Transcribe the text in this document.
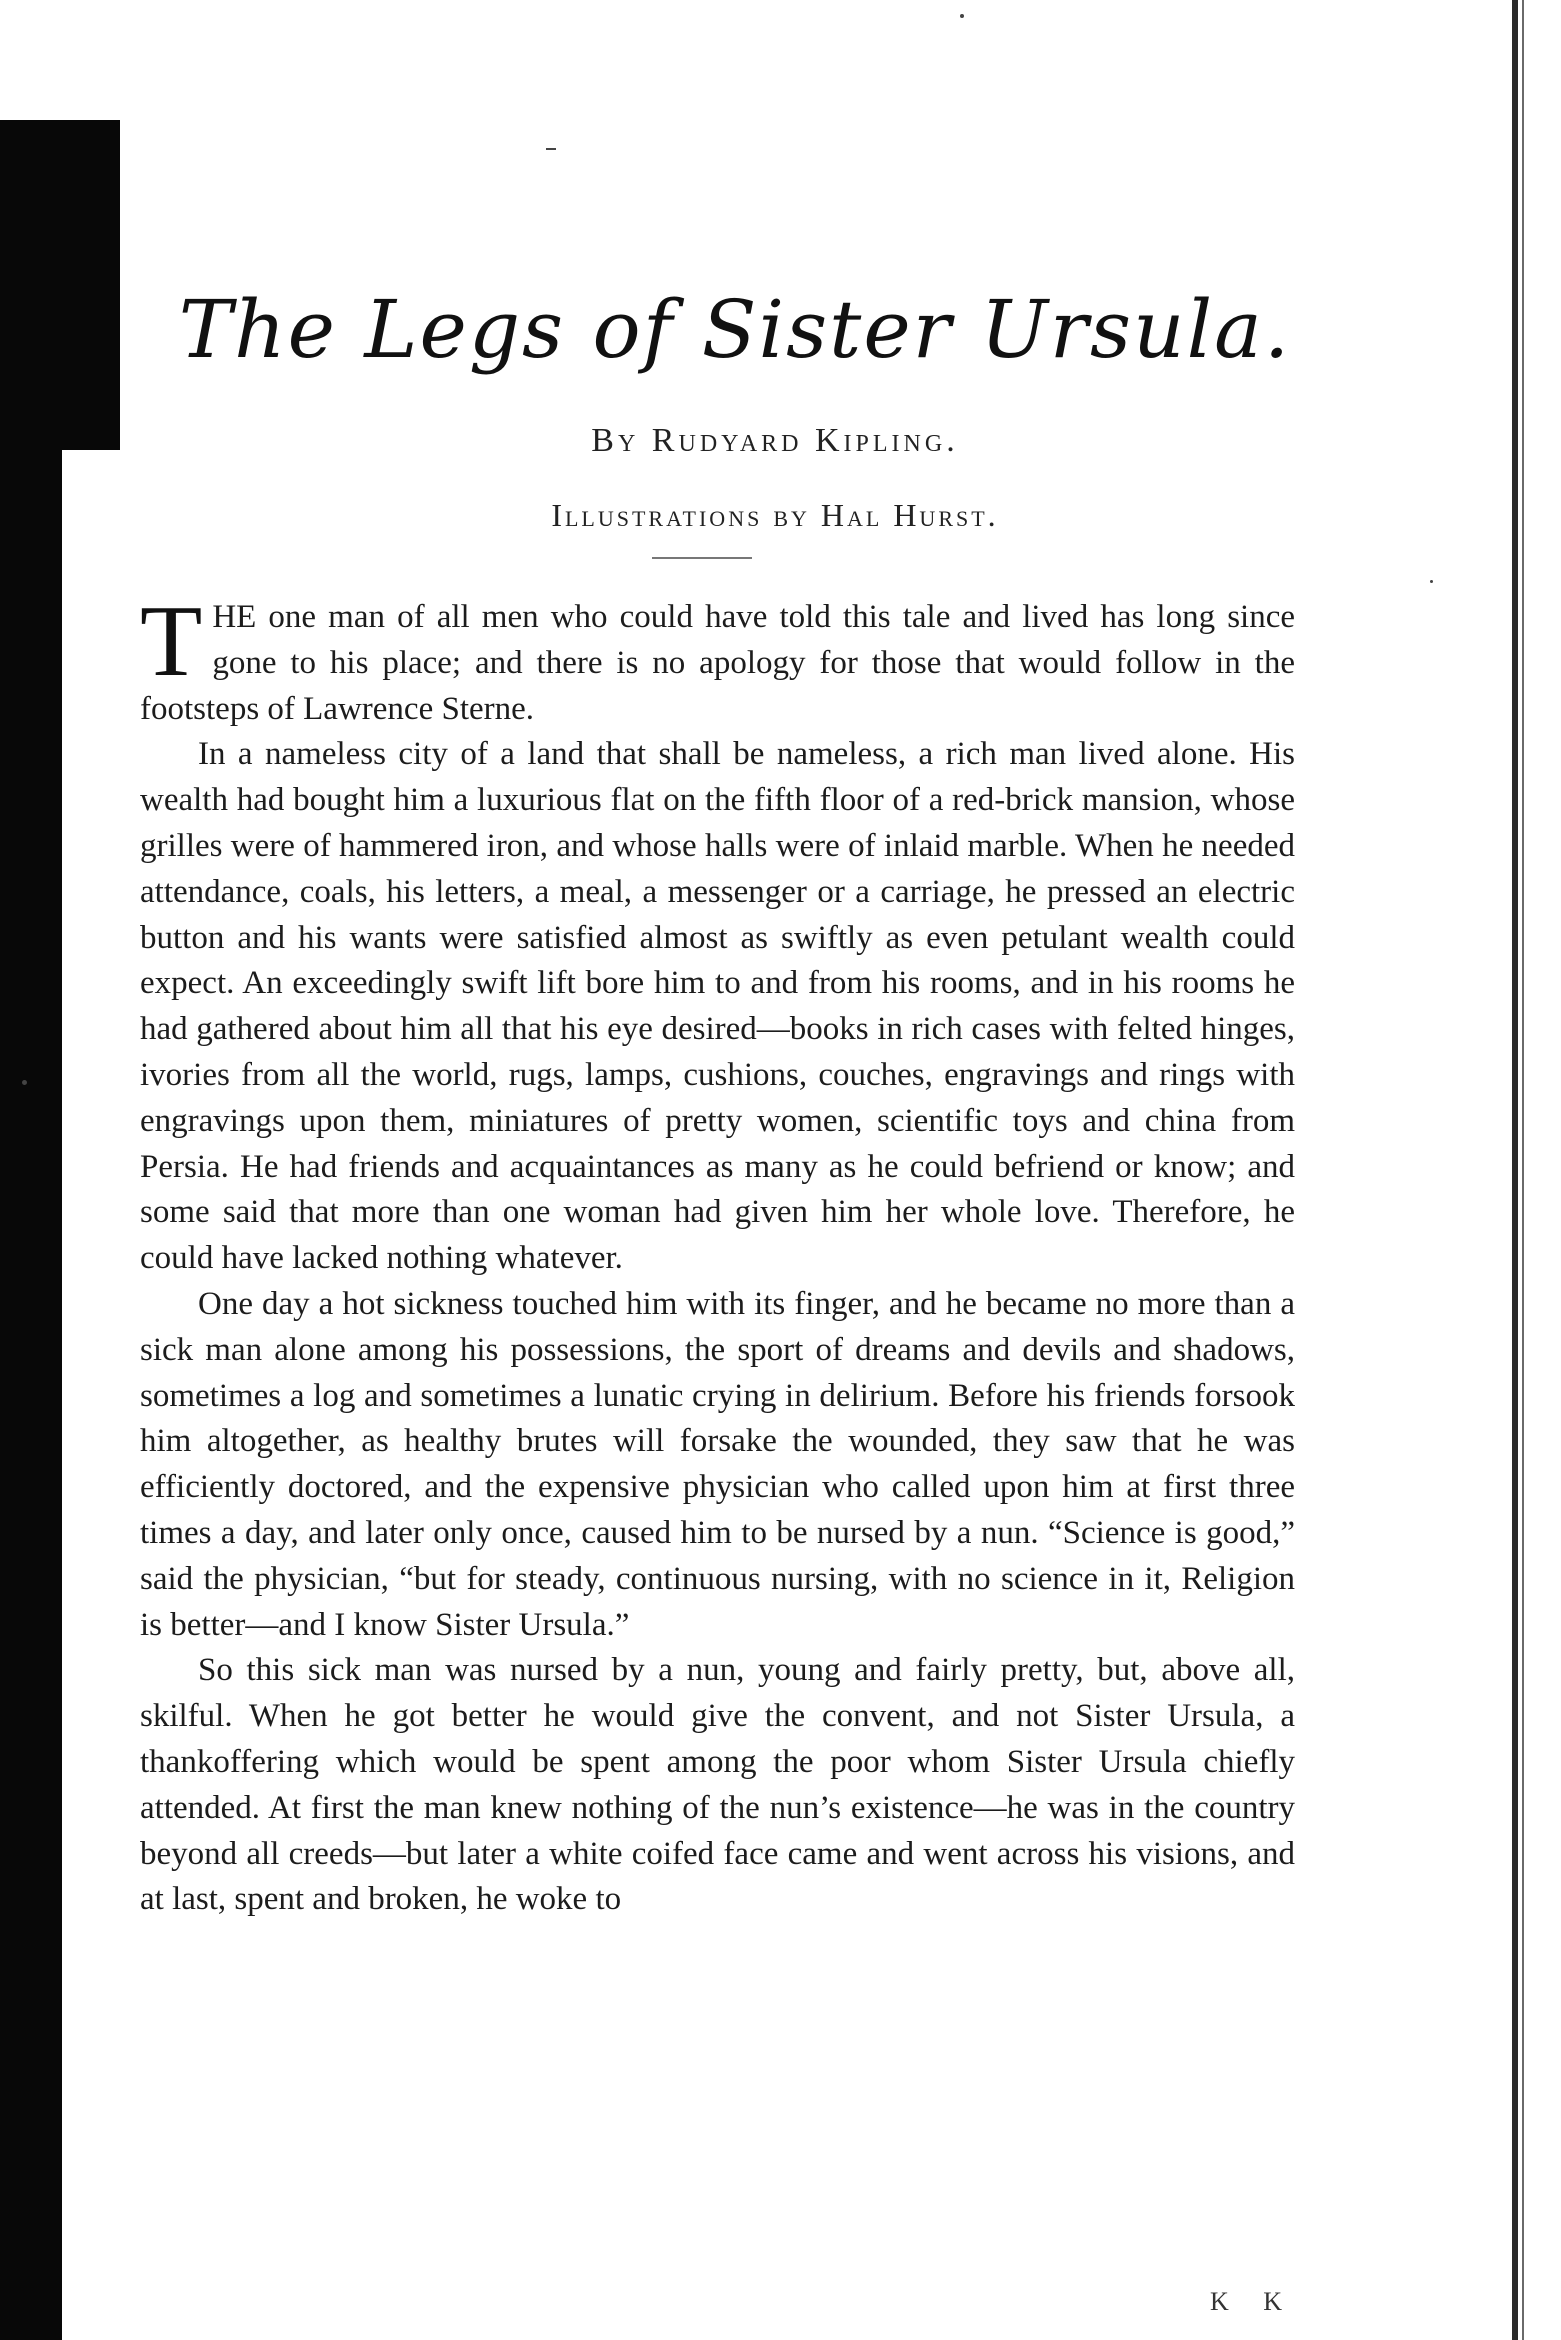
The Legs of Sister Ursula.
By Rudyard Kipling.
Illustrations by Hal Hurst.

THE one man of all men who could have told this tale and lived has long since gone to his place; and there is no apology for those that would follow in the footsteps of Lawrence Sterne.

In a nameless city of a land that shall be nameless, a rich man lived alone. His wealth had bought him a luxurious flat on the fifth floor of a red-brick mansion, whose grilles were of hammered iron, and whose halls were of inlaid marble. When he needed attendance, coals, his letters, a meal, a messenger or a carriage, he pressed an electric button and his wants were satisfied almost as swiftly as even petulant wealth could expect. An exceedingly swift lift bore him to and from his rooms, and in his rooms he had gathered about him all that his eye desired—books in rich cases with felted hinges, ivories from all the world, rugs, lamps, cushions, couches, engravings and rings with engravings upon them, miniatures of pretty women, scientific toys and china from Persia. He had friends and acquaintances as many as he could befriend or know; and some said that more than one woman had given him her whole love. Therefore, he could have lacked nothing whatever.

One day a hot sickness touched him with its finger, and he became no more than a sick man alone among his possessions, the sport of dreams and devils and shadows, sometimes a log and sometimes a lunatic crying in delirium. Before his friends forsook him altogether, as healthy brutes will forsake the wounded, they saw that he was efficiently doctored, and the expensive physician who called upon him at first three times a day, and later only once, caused him to be nursed by a nun. “Science is good,” said the physician, “but for steady, continuous nursing, with no science in it, Religion is better—and I know Sister Ursula.”

So this sick man was nursed by a nun, young and fairly pretty, but, above all, skilful. When he got better he would give the convent, and not Sister Ursula, a thankoffering which would be spent among the poor whom Sister Ursula chiefly attended. At first the man knew nothing of the nun’s existence—he was in the country beyond all creeds—but later a white coifed face came and went across his visions, and at last, spent and broken, he woke to

K K
